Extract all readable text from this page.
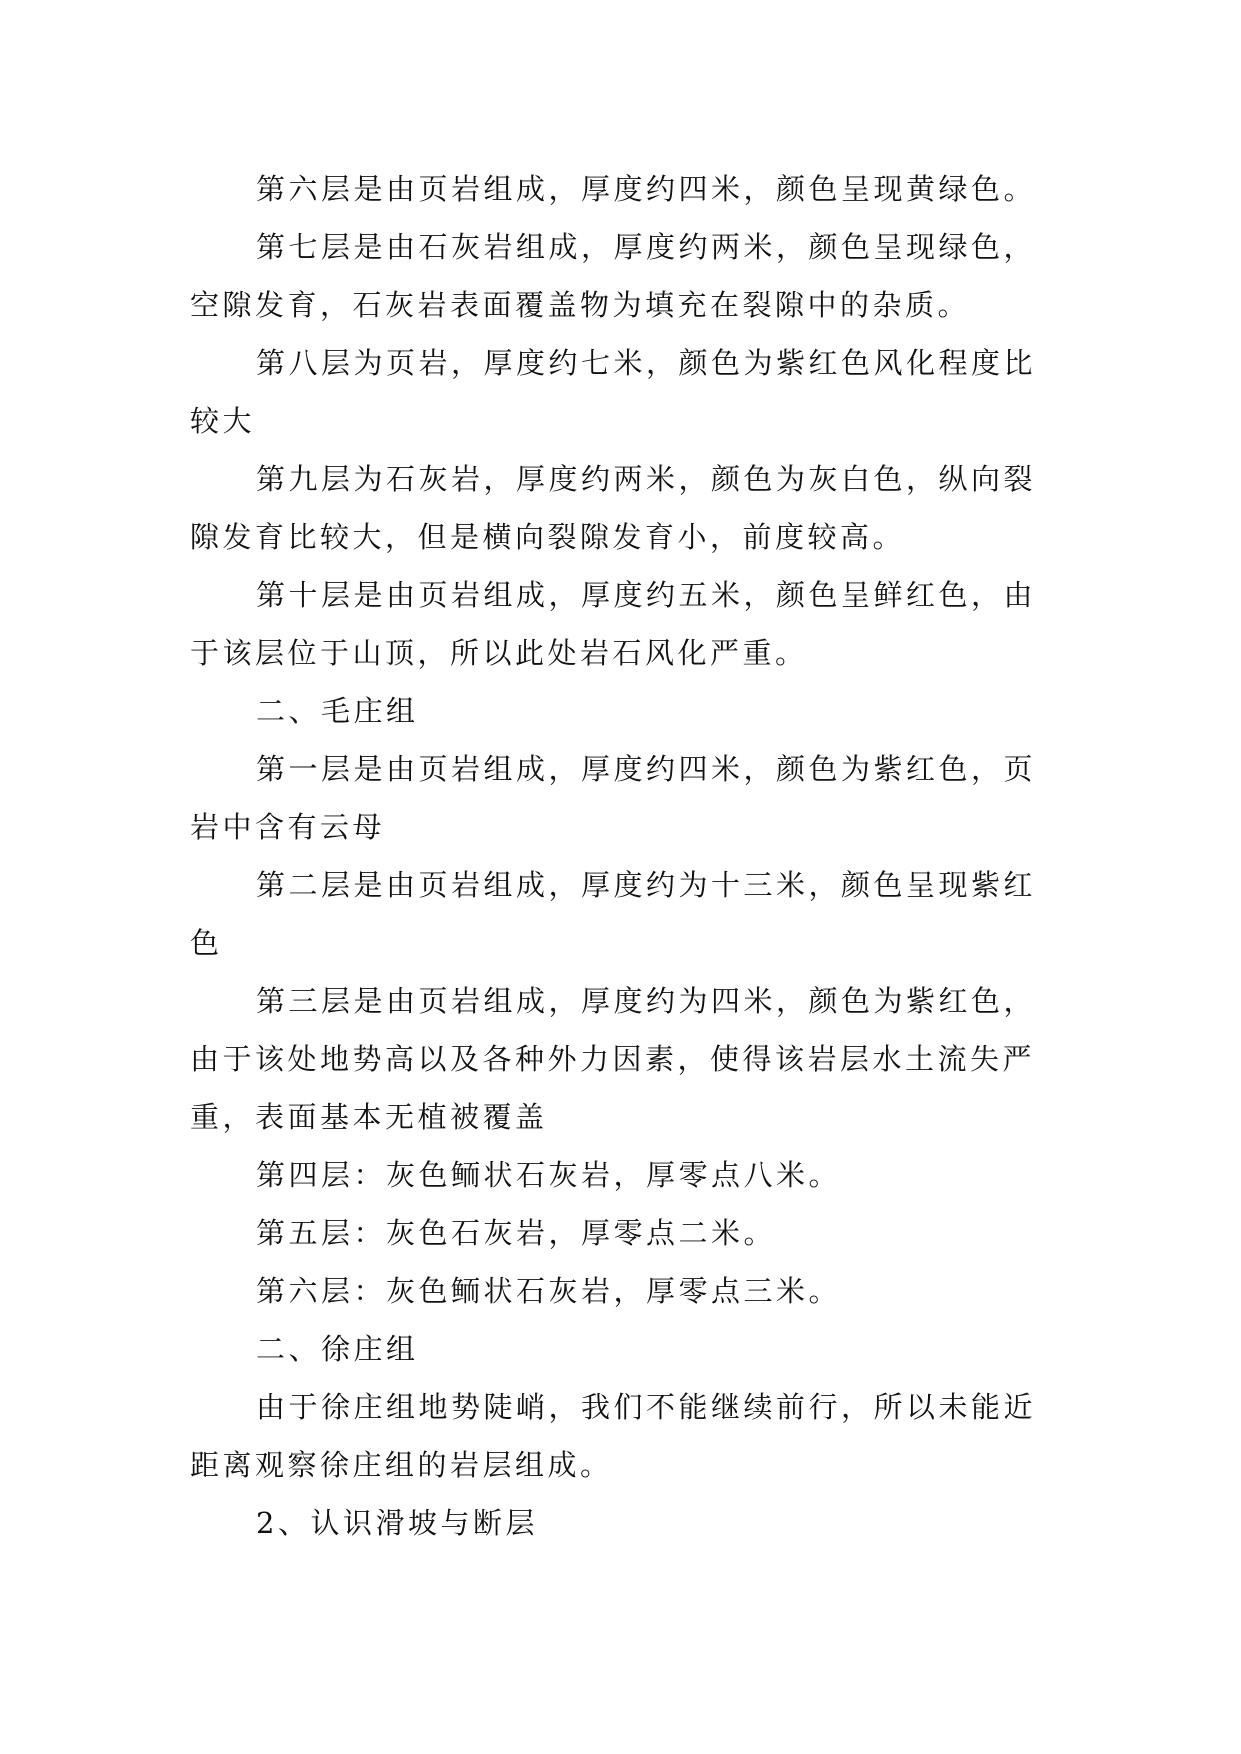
第六层是由页岩组成，厚度约四米，颜色呈现黄绿色。

第七层是由石灰岩组成，厚度约两米，颜色呈现绿色，空隙发育，石灰岩表面覆盖物为填充在裂隙中的杂质。

第八层为页岩，厚度约七米，颜色为紫红色风化程度比较大

第九层为石灰岩，厚度约两米，颜色为灰白色，纵向裂隙发育比较大，但是横向裂隙发育小，前度较高。

第十层是由页岩组成，厚度约五米，颜色呈鲜红色，由于该层位于山顶，所以此处岩石风化严重。

二、毛庄组

第一层是由页岩组成，厚度约四米，颜色为紫红色，页岩中含有云母

第二层是由页岩组成，厚度约为十三米，颜色呈现紫红色

第三层是由页岩组成，厚度约为四米，颜色为紫红色，由于该处地势高以及各种外力因素，使得该岩层水土流失严重，表面基本无植被覆盖

第四层：灰色鲕状石灰岩，厚零点八米。

第五层：灰色石灰岩，厚零点二米。

第六层：灰色鲕状石灰岩，厚零点三米。

二、徐庄组

由于徐庄组地势陡峭，我们不能继续前行，所以未能近距离观察徐庄组的岩层组成。

2、认识滑坡与断层
